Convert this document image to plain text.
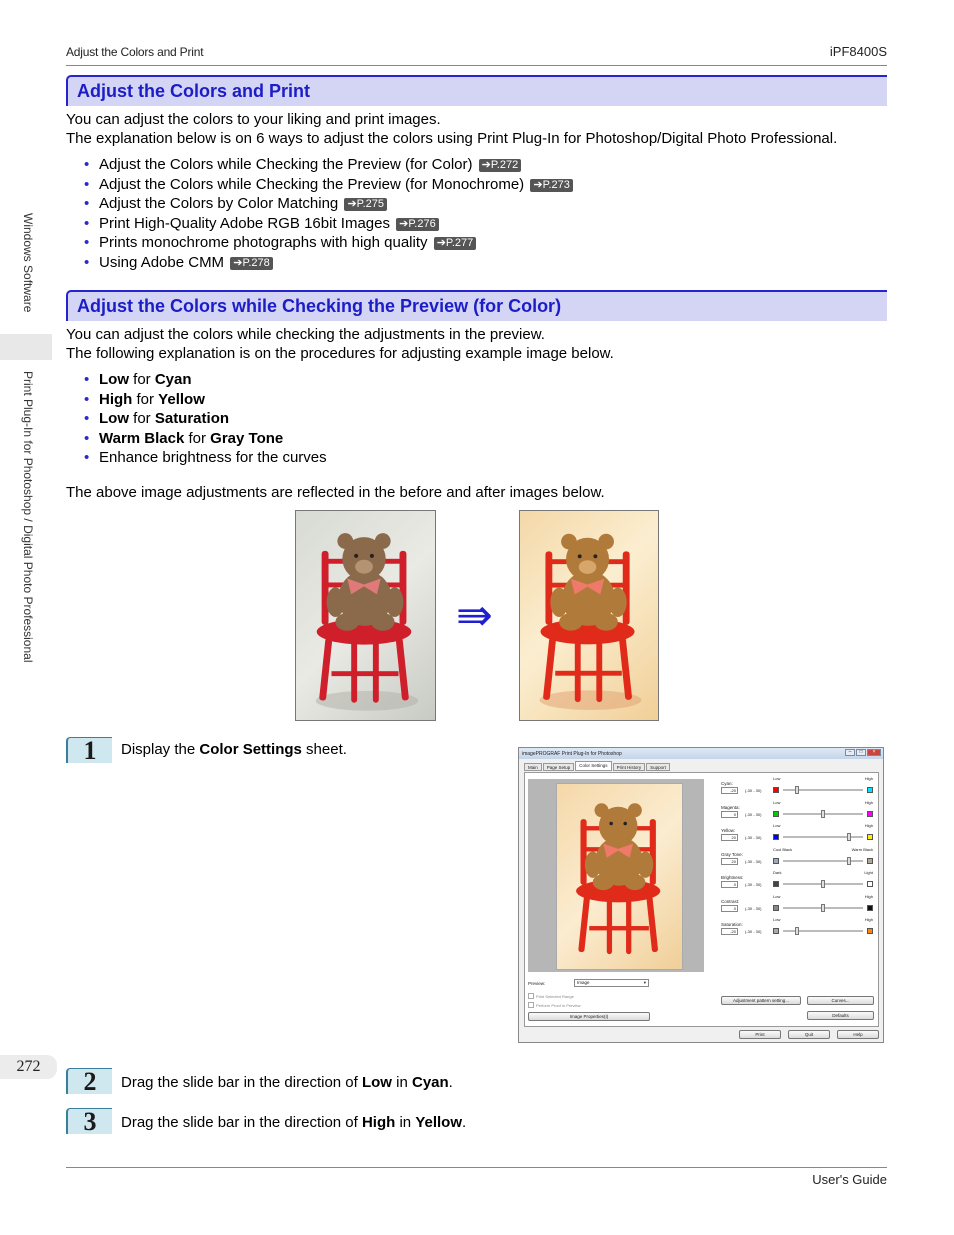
Adjust the Colors and Print	iPF8400S
Windows Software
Print Plug-In for Photoshop / Digital Photo Professional
Adjust the Colors and Print
You can adjust the colors to your liking and print images.
The explanation below is on 6 ways to adjust the colors using Print Plug-In for Photoshop/Digital Photo Professional.
• Adjust the Colors while Checking the Preview (for Color) ➔P.272
• Adjust the Colors while Checking the Preview (for Monochrome) ➔P.273
• Adjust the Colors by Color Matching ➔P.275
• Print High-Quality Adobe RGB 16bit Images ➔P.276
• Prints monochrome photographs with high quality ➔P.277
• Using Adobe CMM ➔P.278
Adjust the Colors while Checking the Preview (for Color)
You can adjust the colors while checking the adjustments in the preview.
The following explanation is on the procedures for adjusting example image below.
• Low for Cyan
• High for Yellow
• Low for Saturation
• Warm Black for Gray Tone
• Enhance brightness for the curves
The above image adjustments are reflected in the before and after images below.
⇛
1	Display the Color Settings sheet.
2	Drag the slide bar in the direction of Low in Cyan.
3	Drag the slide bar in the direction of High in Yellow.
imagePROGRAF Print Plug-In for Photoshop	–	□	×
Main	Page Setup	Color Settings	Print History	Support
Cyan:
Low	High
-20	(-30 - 30)
Magenta:
Low	High
0	(-30 - 30)
Yellow:
Low	High
20	(-30 - 30)
Gray Tone:
Cool Black	Warm Black
20	(-30 - 30)
Brightness:
Dark	Light
0	(-30 - 30)
Contrast:
Low	High
0	(-30 - 30)
Saturation:
Low	High
-20	(-30 - 30)
Adjustment pattern setting...	Curves...
Defaults
Preview:	Image	▾
Print Selected Range
Perform Proof in Preview
Image Properties(I)
Print	Quit	Help
272
User's Guide
